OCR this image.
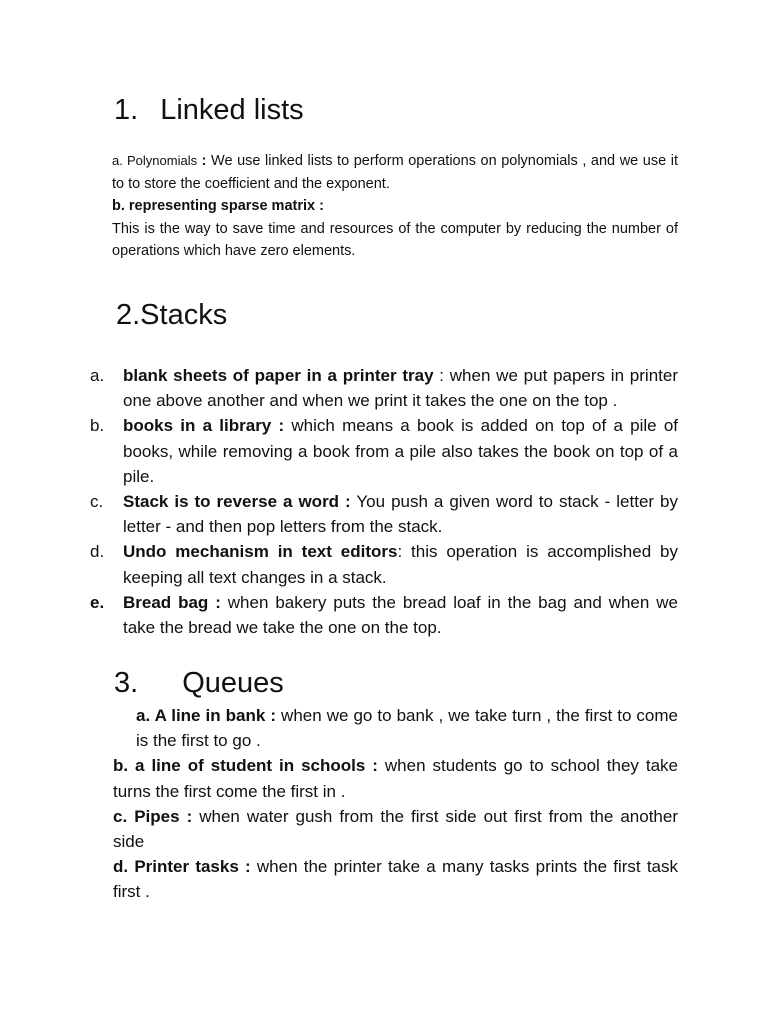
1. Linked lists

a. Polynomials : We use linked lists to perform operations on polynomials , and we use it to to store the coefficient and the exponent.

b. representing sparse matrix :

This is the way to save time and resources of the computer by reducing the number of operations which have zero elements.

2.Stacks
a. blank sheets of paper in a printer tray : when we put papers in printer one above another and when we print it takes the one on the top .
b. books in a library : which means a book is added on top of a pile of books, while removing a book from a pile also takes the book on top of a pile.
c. Stack is to reverse a word : You push a given word to stack - letter by letter - and then pop letters from the stack.
d. Undo mechanism in text editors: this operation is accomplished by keeping all text changes in a stack.
e. Bread bag : when bakery puts the bread loaf in the bag and when we take the bread we take the one on the top.
3. Queues
a. A line in bank : when we go to bank , we take turn , the first to come is the first to go .
b. a line of student in schools : when students go to school they take turns the first come the first in .
c. Pipes : when water gush from the first side out first from the another side
d. Printer tasks : when the printer take a many tasks prints the first task first .
